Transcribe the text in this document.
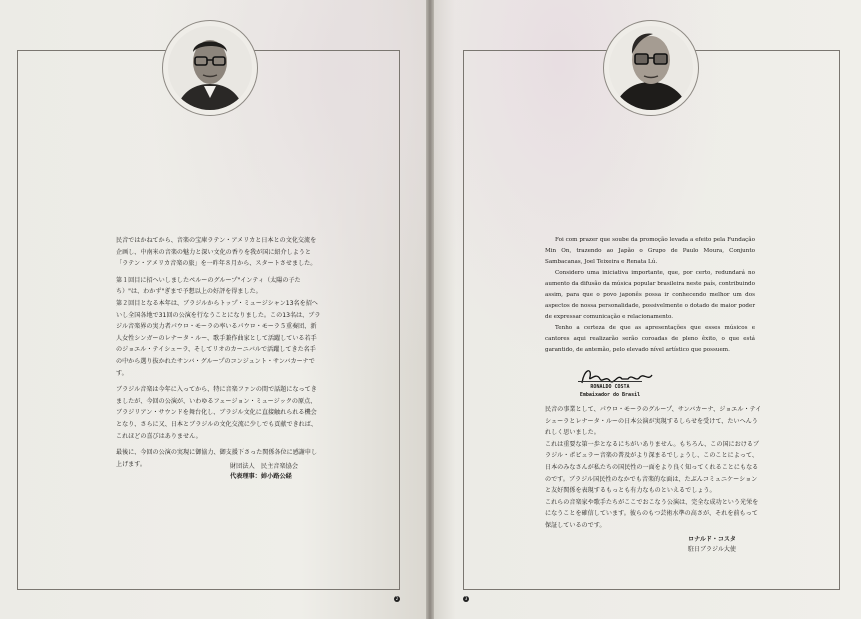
民音ではかねてから、音楽の宝庫ラテン・アメリカと日本との文化交流を企画し、中南米の音楽の魅力と深い文化の香りを我が国に紹介しようと「ラテン・アメリカ音楽の旅」を一昨年８月から、スタートさせました。

第１回目に招へいしましたペルーのグループ"インティ（太陽の子たち）"は、わかず"ぎまで予想以上の好評を得ました。

第２回目となる本年は、ブラジルからトップ・ミュージシャン13名を招へいし全国各地で31回の公演を行なうことになりました。この13名は、ブラジル音楽界の実力者パウロ・モーラの率いるパウロ・モーラ５重奏団、新人女性シンガーのレナータ・ルー、歌手兼作曲家として活躍している若手のジョエル・テイシェーラ、そしてリオのカーニバルで活躍してきた名手の中から選り抜かれたサンバ・グループのコンジュント・サンバカーナです。

ブラジル音楽は今年に入ってから、特に音楽ファンの間で話題になってきましたが、今回の公演が、いわゆるフュージョン・ミュージックの原点、ブラジリアン・サウンドを舞台化し、ブラジル文化に直接触れられる機会となり、さらに又、日本とブラジルの文化交流に少しでも貢献できれば、これほどの喜びはありません。

最後に、今回の公演の実現に御協力、御支援下さった関係各位に感謝申し上げます。	財団法人　民主音楽協会
代表理事：姉小路公経
2

Foi com prazer que soube da promoção levada a efeito pela Fundação Min On, trazendo ao Japão o Grupo de Paulo Moura, Conjunto Sambacanas, Joel Teixeira e Renata Lú.

Considero uma iniciativa importante, que, por certo, redundará no aumento da difusão da música popular brasileira neste país, contribuindo assim, para que o povo japonês possa ir conhecendo melhor um dos aspectos de nossa personalidade, possivelmente o dotado de maior poder de expressar comunicação e relacionamento.

Tenho a certeza de que as apresentações que esses músicos e cantores aqui realizarão serão coroadas de pleno êxito, o que está garantido, de antemão, pelo elevado nível artístico que possuem.

RONALDO COSTA
Embaixador do Brasil

民音の事業として、パウロ・モーラのグループ、サンバカーナ、ジョエル・テイシェーラとレナータ・ルーの日本公演が実現するしらせを受けて、たいへんうれしく思いました。

これは重要な第一歩となるにちがいありません。もちろん、この国におけるブラジル・ポピュラー音楽の普及がより深まるでしょうし、このことによって、日本のみなさんが私たちの国民性の一面をより良く知ってくれることにもなるのです。ブラジル国民性のなかでも音楽的な面は、たぶんコミュニケーションと友好関係を表現するもっとも有力なものといえるでしょう。

これらの音楽家や歌手たちがここでおこなう公演は、完全な成功という光栄をになうことを確信しています。彼らのもつ芸術水準の高さが、それを前もって保証しているのです。

ロナルド・コスタ
駐日ブラジル大使
3
